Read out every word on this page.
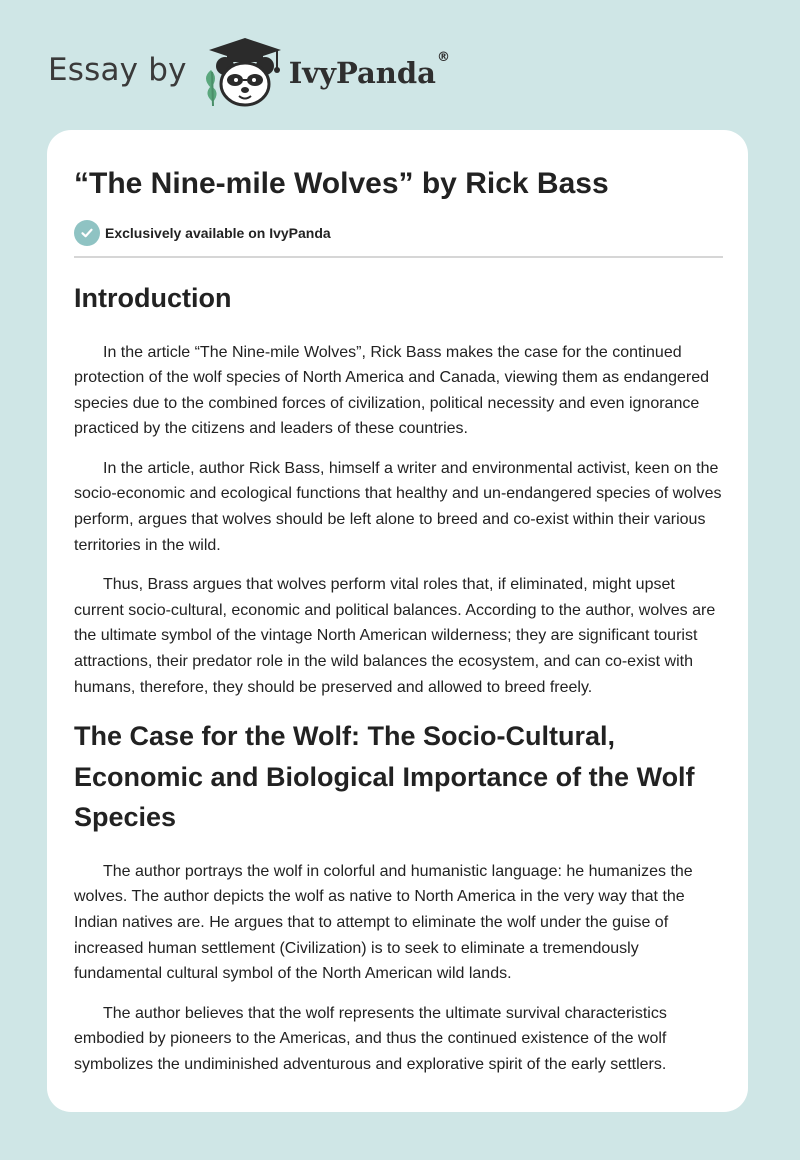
Essay by	IvyPanda®
“The Nine-mile Wolves” by Rick Bass
Exclusively available on IvyPanda
Introduction

In the article “The Nine-mile Wolves”, Rick Bass makes the case for the continued protection of the wolf species of North America and Canada, viewing them as endangered species due to the combined forces of civilization, political necessity and even ignorance practiced by the citizens and leaders of these countries.

In the article, author Rick Bass, himself a writer and environmental activist, keen on the socio-economic and ecological functions that healthy and un-endangered species of wolves perform, argues that wolves should be left alone to breed and co-exist within their various territories in the wild.

Thus, Brass argues that wolves perform vital roles that, if eliminated, might upset current socio-cultural, economic and political balances. According to the author, wolves are the ultimate symbol of the vintage North American wilderness; they are significant tourist attractions, their predator role in the wild balances the ecosystem, and can co-exist with humans, therefore, they should be preserved and allowed to breed freely.

The Case for the Wolf: The Socio-Cultural, Economic and Biological Importance of the Wolf Species

The author portrays the wolf in colorful and humanistic language: he humanizes the wolves. The author depicts the wolf as native to North America in the very way that the Indian natives are. He argues that to attempt to eliminate the wolf under the guise of increased human settlement (Civilization) is to seek to eliminate a tremendously fundamental cultural symbol of the North American wild lands.

The author believes that the wolf represents the ultimate survival characteristics embodied by pioneers to the Americas, and thus the continued existence of the wolf symbolizes the undiminished adventurous and explorative spirit of the early settlers.
